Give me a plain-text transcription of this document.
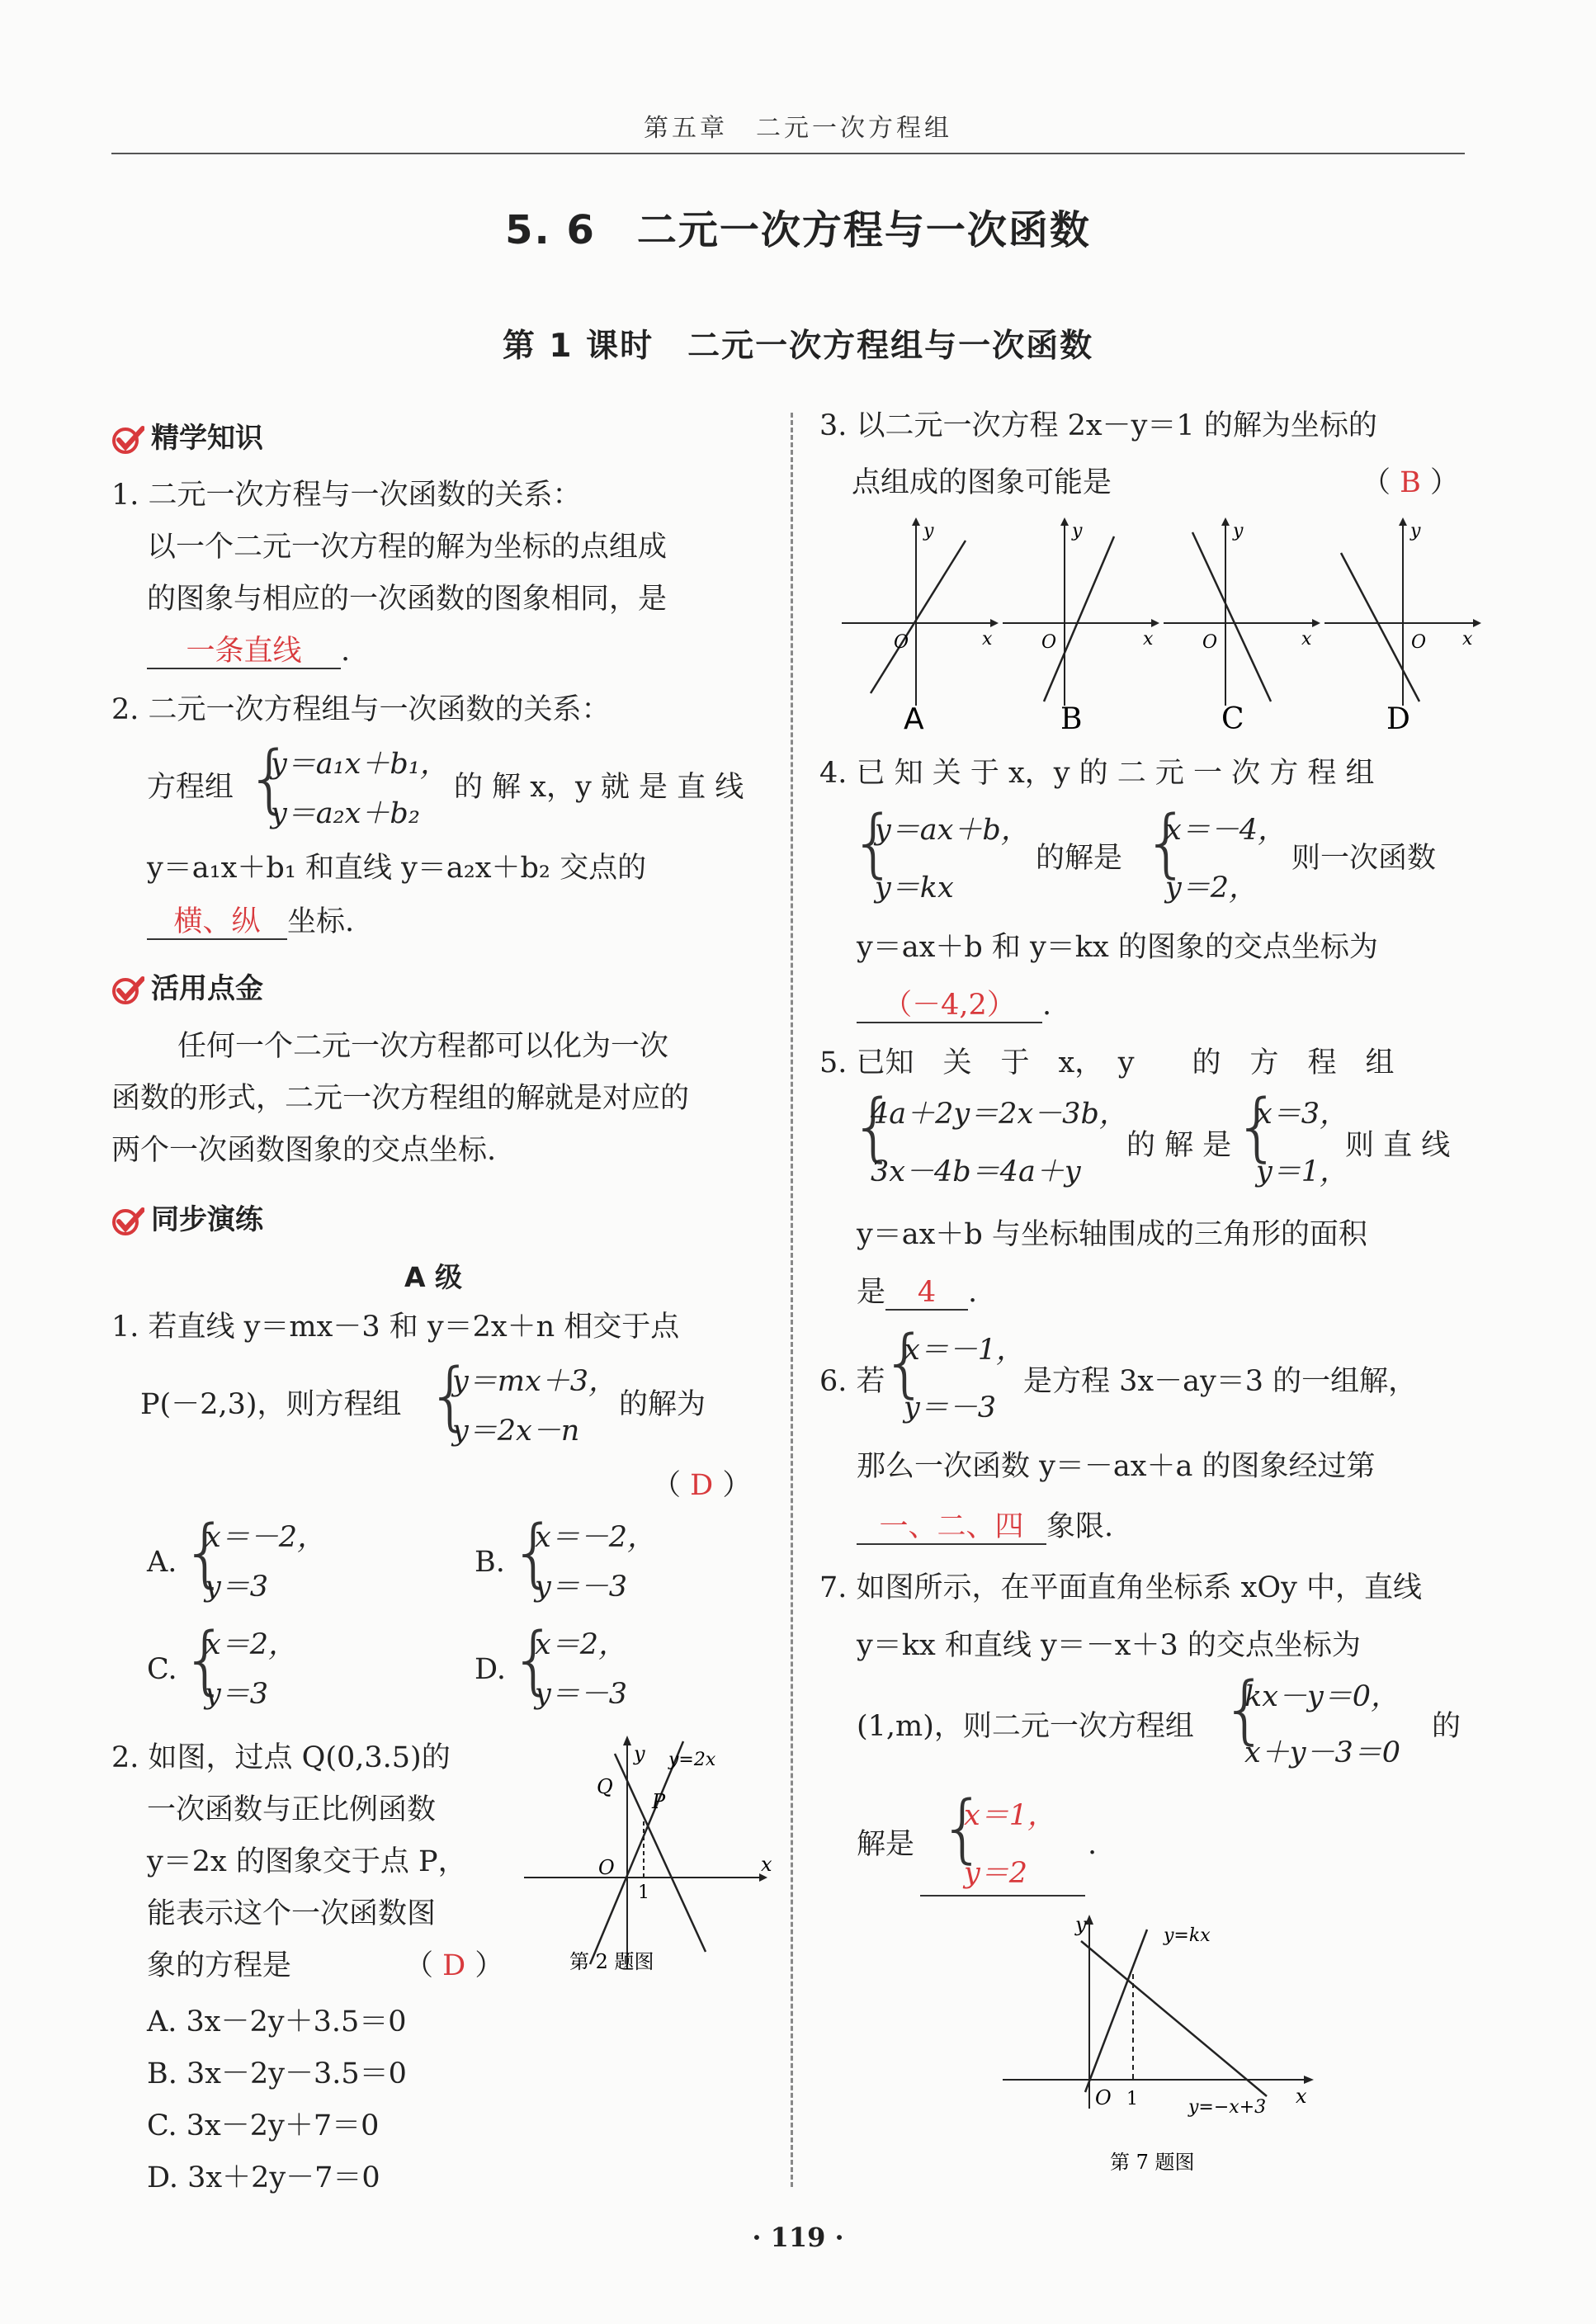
第五章　二元一次方程组
5. 6　二元一次方程与一次函数
第 1 课时　二元一次方程组与一次函数
精学知识
1. 二元一次方程与一次函数的关系：
以一个二元一次方程的解为坐标的点组成
的图象与相应的一次函数的图象相同，是
一条直线 .
2. 二元一次方程组与一次函数的关系：
方程组 {
y＝a₁x＋b₁，
y＝a₂x＋b₂
的 解 x，y 就 是 直 线
y＝a₁x＋b₁ 和直线 y＝a₂x＋b₂ 交点的
横、纵 坐标.
活用点金
任何一个二元一次方程都可以化为一次
函数的形式，二元一次方程组的解就是对应的
两个一次函数图象的交点坐标.
同步演练
A 级
1. 若直线 y＝mx－3 和 y＝2x＋n 相交于点
P(－2,3)，则方程组 {
y＝mx＋3，
y＝2x－n
的解为
（ D ）
A. {
x＝－2，
y＝3
B. {
x＝－2，
y＝－3
C. {
x＝2，
y＝3
D. {
x＝2，
y＝－3
2. 如图，过点 Q(0,3.5)的
一次函数与正比例函数
y＝2x 的图象交于点 P，
能表示这个一次函数图
象的方程是	（ D ）
A. 3x－2y＋3.5＝0
B. 3x－2y－3.5＝0
C. 3x－2y＋7＝0
D. 3x＋2y－7＝0
y
x
O
Q
P
1
y=2x
第 2 题图
3. 以二元一次方程 2x－y＝1 的解为坐标的
点组成的图象可能是	（ B ）
y
x
O
A
y
x
O
B
y
x
O
C
y
x
O
D
4. 已 知 关 于 x，y 的 二 元 一 次 方 程 组
{
y＝ax＋b，
y＝kx
的解是 {
x＝－4，
y＝2，
则一次函数
y＝ax＋b 和 y＝kx 的图象的交点坐标为
（－4,2） .
5. 已知　关　于　x，　y　　的　方　程　组
{
4a＋2y＝2x－3b，
3x－4b＝4a＋y
的 解 是 {
x＝3，
y＝1，
则 直 线
y＝ax＋b 与坐标轴围成的三角形的面积
是 4 .
6. 若
{
x＝－1，
y＝－3
是方程 3x－ay＝3 的一组解，
那么一次函数 y＝－ax＋a 的图象经过第
一、二、四 象限.
7. 如图所示，在平面直角坐标系 xOy 中，直线
y＝kx 和直线 y＝－x＋3 的交点坐标为
(1,m)，则二元一次方程组 {
kx－y＝0，
x＋y－3＝0
的
解是 {
x＝1，
y＝2
.
y
x
O 1
y=kx
y=−x+3
第 7 题图
· 119 ·
